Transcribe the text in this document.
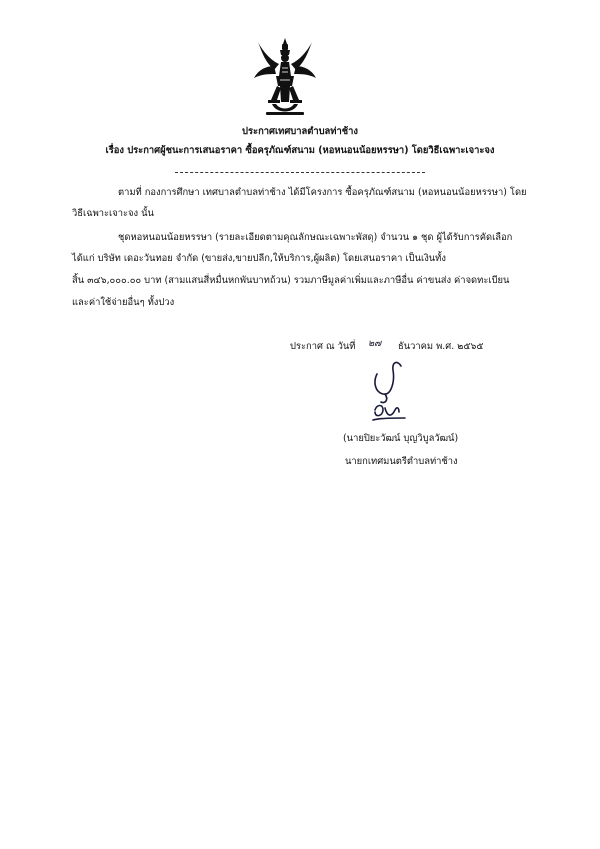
ประกาศเทศบาลตำบลท่าช้าง
เรื่อง ประกาศผู้ชนะการเสนอราคา ซื้อครุภัณฑ์สนาม (หอหนอนน้อยหรรษา) โดยวิธีเฉพาะเจาะจง
ตามที่ กองการศึกษา เทศบาลตำบลท่าช้าง ได้มีโครงการ ซื้อครุภัณฑ์สนาม (หอหนอนน้อยหรรษา) โดย
วิธีเฉพาะเจาะจง นั้น
ชุดหอหนอนน้อยหรรษา (รายละเอียดตามคุณลักษณะเฉพาะพัสดุ) จำนวน ๑ ชุด ผู้ได้รับการคัดเลือก
ได้แก่ บริษัท เดอะวันทอย จำกัด (ขายส่ง,ขายปลีก,ให้บริการ,ผู้ผลิต) โดยเสนอราคา เป็นเงินทั้ง
สิ้น ๓๔๖,๐๐๐.๐๐ บาท (สามแสนสี่หมื่นหกพันบาทถ้วน) รวมภาษีมูลค่าเพิ่มและภาษีอื่น ค่าขนส่ง ค่าจดทะเบียน
และค่าใช้จ่ายอื่นๆ ทั้งปวง
ประกาศ ณ วันที่ ๒๗ ธันวาคม พ.ศ. ๒๕๖๕
(นายปิยะวัฒน์ บุญวิบูลวัฒน์)
นายกเทศมนตรีตำบลท่าช้าง
